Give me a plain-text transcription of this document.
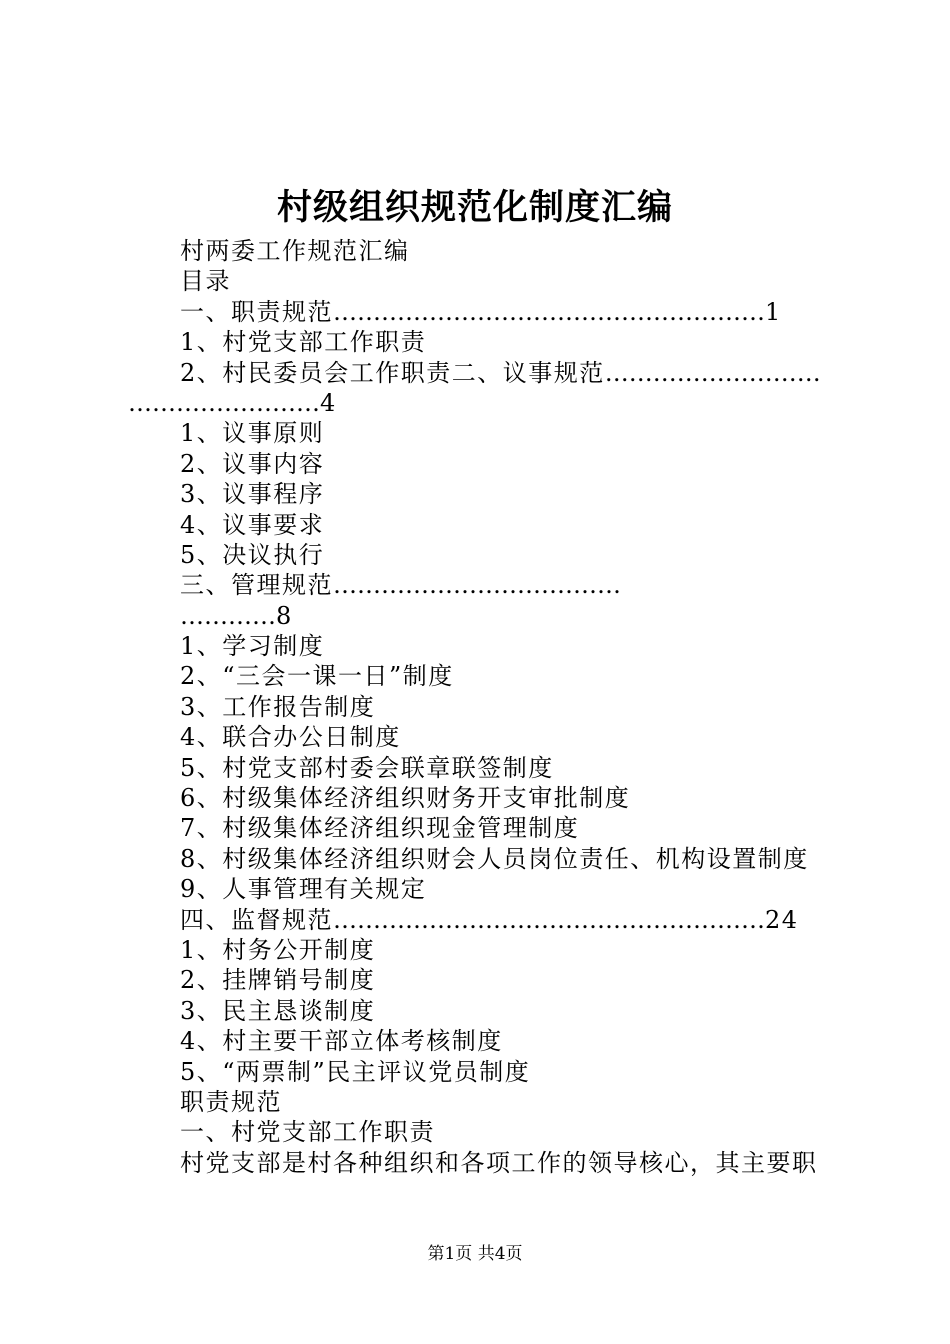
村级组织规范化制度汇编
村两委工作规范汇编
目录
一、职责规范………………………………………………1
1、村党支部工作职责
2、村民委员会工作职责二、议事规范………………………
……………………4
1、议事原则
2、议事内容
3、议事程序
4、议事要求
5、决议执行
三、管理规范………………………………
…………8
1、学习制度
2、“三会一课一日”制度
3、工作报告制度
4、联合办公日制度
5、村党支部村委会联章联签制度
6、村级集体经济组织财务开支审批制度
7、村级集体经济组织现金管理制度
8、村级集体经济组织财会人员岗位责任、机构设置制度
9、人事管理有关规定
四、监督规范………………………………………………24
1、村务公开制度
2、挂牌销号制度
3、民主恳谈制度
4、村主要干部立体考核制度
5、“两票制”民主评议党员制度
职责规范
一、村党支部工作职责
村党支部是村各种组织和各项工作的领导核心，其主要职
第1页 共4页
